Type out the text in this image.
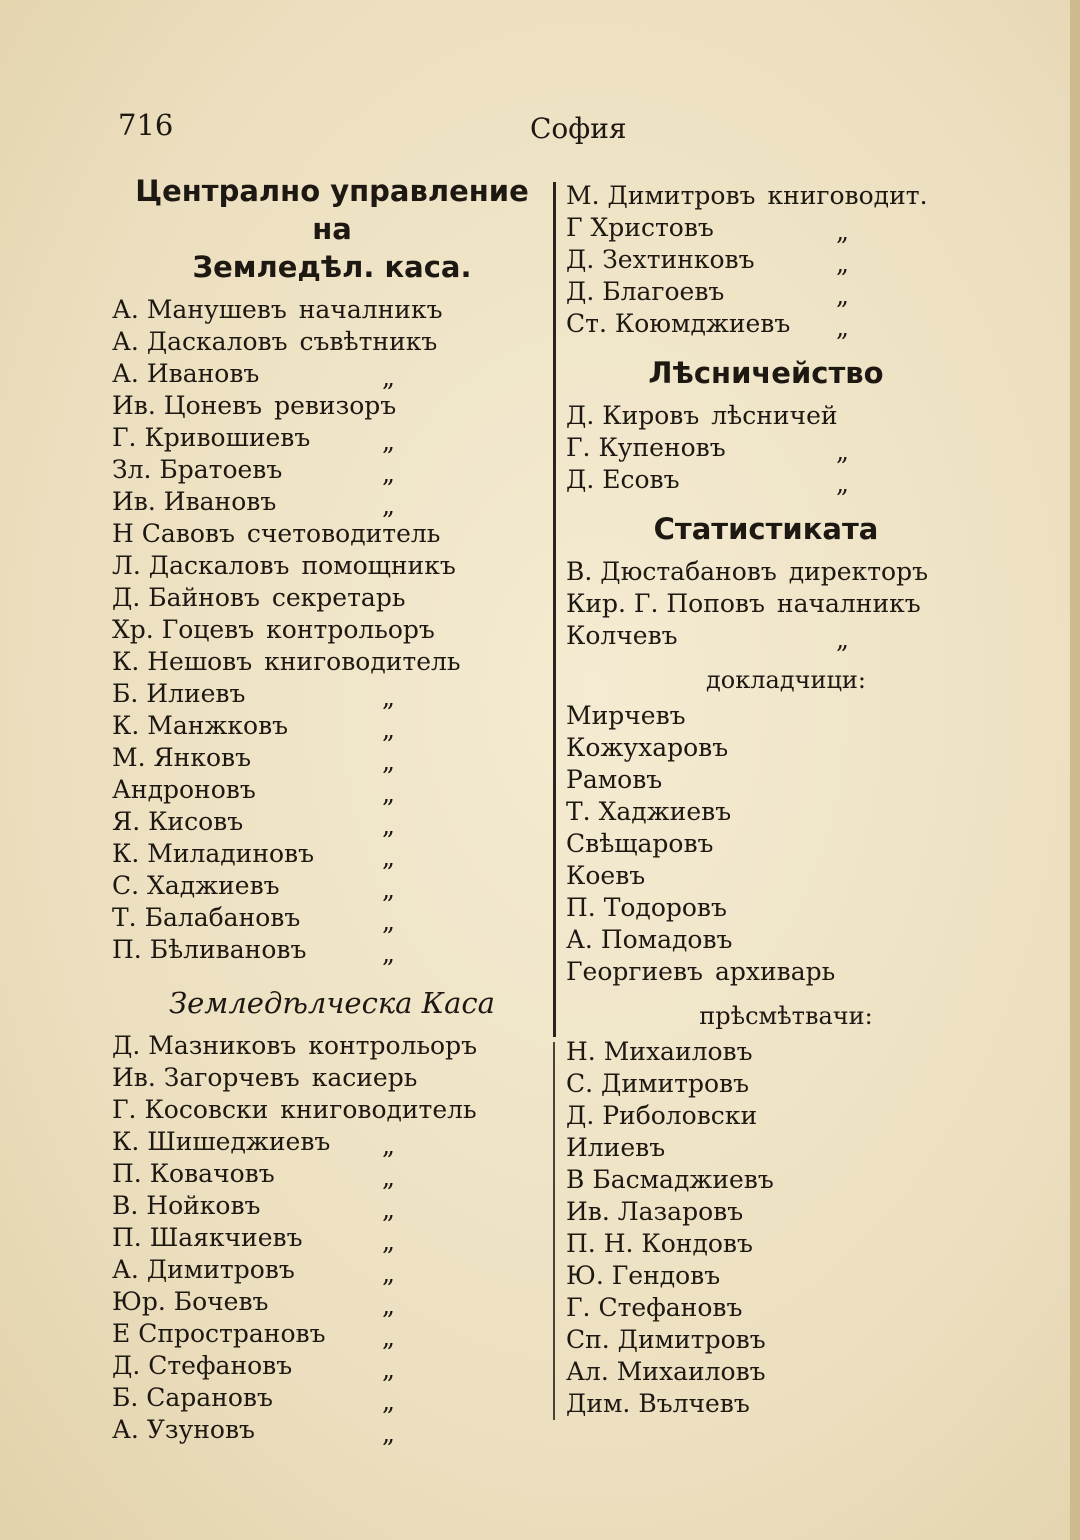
716	София
Централно управление на
Земледѣл. каса.
А. Манушевъ началникъ
А. Даскаловъ съвѣтникъ
А. Ивановъ	„
Ив. Цоневъ ревизоръ
Г. Кривошиевъ	„
Зл. Братоевъ	„
Ив. Ивановъ	„
Н Савовъ счетоводитель
Л. Даскаловъ помощникъ
Д. Байновъ секретарь
Хр. Гоцевъ контрольоръ
К. Нешовъ книговодитель
Б. Илиевъ	„
К. Манжковъ	„
М. Янковъ	„
Андроновъ	„
Я. Кисовъ	„
К. Миладиновъ	„
С. Хаджиевъ	„
Т. Балабановъ	„
П. Бѣливановъ	„
Земледѣлческа Каса
Д. Мазниковъ контрольоръ
Ив. Загорчевъ касиерь
Г. Косовски книговодитель
К. Шишеджиевъ „
П. Ковачовъ	„
В. Нойковъ	„
П. Шаякчиевъ	„
А. Димитровъ	„
Юр. Бочевъ	„
Е Спростр​ановъ „
Д. Стефановъ	„
Б. Сарановъ	„
А. Узуновъ	„
М. Димитровъ книговодит.
Г Христовъ	„
Д. Зехтинковъ	„
Д. Благоевъ	„
Ст. Коюмджиевъ „
Лѣсничейство
Д. Кировъ лѣсничей
Г. Купеновъ	„
Д. Есовъ	„
Статистиката
В. Дюстабановъ директоръ
Кир. Г. Поповъ началникъ
Колчевъ	„
докладчици:
Мирчевъ
Кожухаровъ
Рамовъ
Т. Хаджиевъ
Свѣщаровъ
Коевъ
П. Тодоровъ
А. Помадовъ
Георгиевъ архиварь
прѣсмѣтвачи:
Н. Михаиловъ
С. Димитровъ
Д. Риболовски
Илиевъ
В Басмаджиевъ
Ив. Лазаровъ
П. Н. Кондовъ
Ю. Гендовъ
Г. Стефановъ
Сп. Димитровъ
Ал. Михаиловъ
Дим. Вълчевъ
